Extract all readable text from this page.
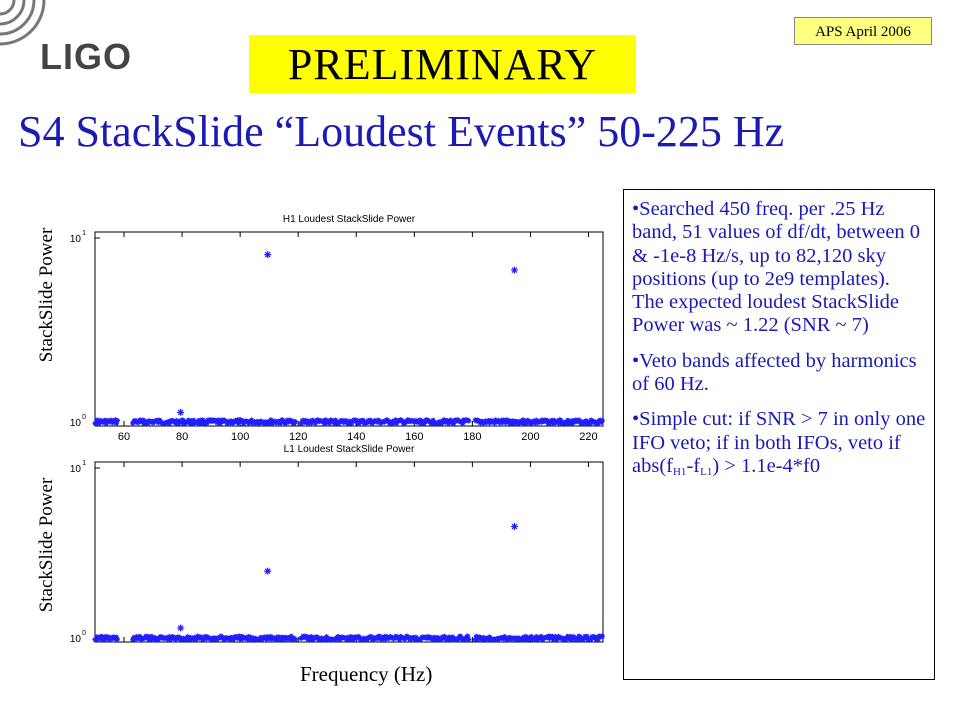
LIGO
APS April 2006
PRELIMINARY
S4 StackSlide “Loudest Events” 50-225 Hz
StackSlide Power
StackSlide Power
Frequency (Hz)
H1 Loudest StackSlide Power
60	80	100	120	140	160	180	200	220
10
1
10
0
L1 Loudest StackSlide Power
10
1
10
0

•Searched 450 freq. per .25 Hz band, 51 values of df/dt, between 0 & -1e-8 Hz/s, up to 82,120 sky positions (up to 2e9 templates). The expected loudest StackSlide Power was ~ 1.22 (SNR ~ 7)

•Veto bands affected by harmonics of 60 Hz.

•Simple cut: if SNR > 7 in only one IFO veto; if in both IFOs, veto if $abs(f_{H1}-f_{L1}) > 1.1e-4*f0$
